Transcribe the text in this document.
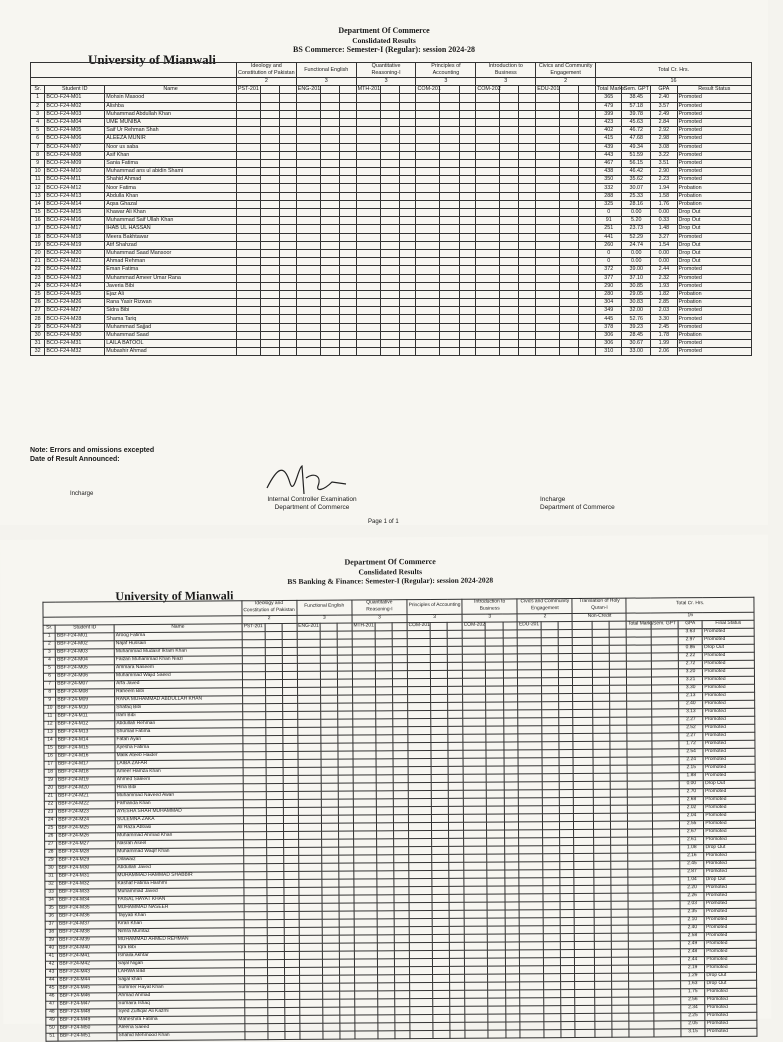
Department Of Commerce
Conslidated Results
BS Commerce: Semester-I (Regular): session 2024-28
University of Mianwali
			Ideology and Constitution of Pakistan			Functional English			Quantitative Reasoning-I			Principles of Accounting			Introduction to Business			Civics and Community Engagement			Total Cr. Hrs.			
			2			3			3			3			3			2			16			
Sr.	Student ID	Name	PST-201			ENG-201			MTH-201			COM-201			COM-202			EDU-201			Total Marks	Sem. GPT	GPA	Result Status
1	BCO-F24-M01	Mohsin Masood																			365	38.45	2.40	Promoted
2	BCO-F24-M02	Alishba																			479	57.18	3.57	Promoted
3	BCO-F24-M03	Muhammad Abdullah Khan																			399	39.78	2.49	Promoted
4	BCO-F24-M04	UME MUNIBA																			423	45.63	2.84	Promoted
5	BCO-F24-M05	Saif Ur Rehman Shah																			402	46.72	2.92	Promoted
6	BCO-F24-M06	ALEEZA MUNIR																			415	47.68	2.98	Promoted
7	BCO-F24-M07	Noor us saba																			439	49.34	3.08	Promoted
8	BCO-F24-M08	Asif Khan																			443	51.59	3.22	Promoted
9	BCO-F24-M09	Sania Fatima																			467	56.15	3.51	Promoted
10	BCO-F24-M10	Muhammad ans ul abidin Shami																			438	46.42	2.90	Promoted
11	BCO-F24-M11	Shahid Ahmad																			350	35.62	2.23	Promoted
12	BCO-F24-M12	Noor Fatima																			332	30.07	1.94	Probation
13	BCO-F24-M13	Abdulla Khan																			288	25.33	1.58	Probation
14	BCO-F24-M14	Aqsa Ghazal																			325	28.16	1.76	Probation
15	BCO-F24-M15	Khawar Ali Khan																			0	0.00	0.00	Drop Out
16	BCO-F24-M16	Muhammad Saif Ullah Khan																			91	5.20	0.33	Drop Out
17	BCO-F24-M17	IHAB UL HASSAN																			251	23.73	1.48	Drop Out
18	BCO-F24-M18	Meera Bakhtawar																			441	52.29	3.27	Promoted
19	BCO-F24-M19	Atif Shahzad																			260	24.74	1.54	Drop Out
20	BCO-F24-M20	Muhammad Saad Mansoor																			0	0.00	0.00	Drop Out
21	BCO-F24-M21	Ahmad Rehman																			0	0.00	0.00	Drop Out
22	BCO-F24-M22	Eman Fatima																			372	39.00	2.44	Promoted
23	BCO-F24-M23	Muhammad Ameer Umar Rana																			377	37.10	2.32	Promoted
24	BCO-F24-M24	Javeria Bibi																			290	30.85	1.93	Promoted
25	BCO-F24-M25	Ejaz Ali																			280	29.05	1.82	Probation
26	BCO-F24-M26	Rana Yasir Rizwan																			304	30.83	2.85	Probation
27	BCO-F24-M27	Sidra Bibi																			349	32.00	2.03	Promoted
28	BCO-F24-M28	Shama Tariq																			445	52.76	3.30	Promoted
29	BCO-F24-M29	Muhammad Sajjad																			378	39.23	2.45	Promoted
30	BCO-F24-M30	Muhammad Saad																			306	28.45	1.78	Probation
31	BCO-F24-M31	LAILA BATOOL																			306	30.67	1.99	Promoted
32	BCO-F24-M32	Mubashir Ahmad																			310	33.00	2.06	Promoted
Note: Errors and omissions excepted
Date of Result Announced:
Internal Controller Examination
Department of Commerce
Incharge
Department of Commerce
Incharge
Page 1 of 1
Department Of Commerce
Conslidated Results
BS Banking & Finance: Semester-I (Regular): session 2024-2028
University of Mianwali
			Ideology and Constitution of Pakistan			Functional English			Quantitative Reasoning-I			Principles of Accounting			Introduction to Business			Civics and Community Engagement			Translation of Holy Quran-I			Total Cr. Hrs.			
			2			3			3			3			3			2			Non-Credit			16			
Sr.	Student ID	Name	PST-201			ENG-201			MTH-201			COM-201			COM-202			EDU-201						Total Marks	Sem. GPT	GPA	Final Status
1	BBF-F24-M01	Aroog Fatima																								3.63	Promoted
2	BBF-F24-M02	Najaf Hussain																								2.97	Promoted
3	BBF-F24-M03	Muhammad Mudasir Ikram Khan																								0.86	Drop Out
4	BBF-F24-M04	Faizan Muhammad Khan Niazi																								2.22	Promoted
5	BBF-F24-M05	Ammara Naseem																								2.72	Promoted
6	BBF-F24-M06	Muhammad Wajid Saeed																								3.20	Promoted
7	BBF-F24-M07	Arfa Javed																								3.21	Promoted
8	BBF-F24-M08	Raheem Bibi																								3.30	Promoted
9	BBF-F24-M09	RANA MUHAMMAD ABDULLAH KHAN																								2.13	Promoted
10	BBF-F24-M10	Shafaq Bibi																								2.40	Promoted
11	BBF-F24-M11	Iram Bibi																								3.13	Promoted
12	BBF-F24-M12	Abdullah Rehman																								2.27	Promoted
13	BBF-F24-M13	Shumail Fatima																								2.52	Promoted
14	BBF-F24-M14	Fatah Ayan																								2.27	Promoted
15	BBF-F24-M15	Ayesha Fatima																								1.72	Promoted
16	BBF-F24-M16	Malik Ateeb Haider																								2.54	Promoted
17	BBF-F24-M17	LAIBA ZAFAR																								2.24	Promoted
18	BBF-F24-M18	Ameer Hamza Khan																								2.15	Promoted
19	BBF-F24-M19	Ahmed Saleem																								1.88	Promoted
20	BBF-F24-M20	Hina Bibi																								0.00	Drop Out
21	BBF-F24-M21	Muhammad Naveed Awan																								2.70	Promoted
22	BBF-F24-M22	Farhanda Khan																								2.68	Promoted
23	BBF-F24-M23	AYESHA SHAH MUHAMMAD																								2.02	Promoted
24	BBF-F24-M24	SULEMNA ZAKA																								2.04	Promoted
25	BBF-F24-M25	Ali Raza Abbasi																								2.55	Promoted
26	BBF-F24-M26	Muhammad Ahmad Khan																								2.67	Promoted
27	BBF-F24-M27	Nasrah Aseel																								2.61	Promoted
28	BBF-F24-M28	Muhammad Waqif Khan																								1.08	Drop Out
29	BBF-F24-M29	Dilawaiz																								2.16	Promoted
30	BBF-F24-M30	Abdullah Javed																								2.45	Promoted
31	BBF-F24-M31	MUHAMMAD HAMMAD SHABBIR																								2.87	Promoted
32	BBF-F24-M32	Kashaf Fatima Hashmi																								1.04	Drop Out
33	BBF-F24-M33	Muhammad Javed																								2.20	Promoted
34	BBF-F24-M34	FAISAL HAYAT KHAN																								2.26	Promoted
35	BBF-F24-M35	MUHAMMAD NASEER																								2.03	Promoted
36	BBF-F24-M36	Tayyab Khan																								2.35	Promoted
37	BBF-F24-M37	Kiran Khan																								2.10	Promoted
38	BBF-F24-M38	Nimra Mumtaz																								2.40	Promoted
39	BBF-F24-M39	MUHAMMAD AHMED REHMAN																								2.58	Promoted
40	BBF-F24-M40	Iqra Bibi																								2.49	Promoted
41	BBF-F24-M41	Ismaila Akhtar																								2.48	Promoted
42	BBF-F24-M42	Sajal Nigah																								2.44	Promoted
43	BBF-F24-M43	LARWA BIBI																								2.19	Promoted
44	BBF-F24-M44	Sajjal khan																								1.29	Drop Out
45	BBF-F24-M45	Summer Hayat Khan																								1.63	Drop Out
46	BBF-F24-M46	Ahmad Ahmad																								1.75	Promoted
47	BBF-F24-M47	Sumaira Ishaq																								2.56	Promoted
48	BBF-F24-M48	Syed Zulfiqar Ali Kazmi																								2.34	Promoted
49	BBF-F24-M49	Maheshira Fatima																								2.25	Promoted
50	BBF-F24-M50	Aleena Saeed																								2.05	Promoted
51	BBF-F24-M51	Shahid Mehmood Khan																								3.15	Promoted
